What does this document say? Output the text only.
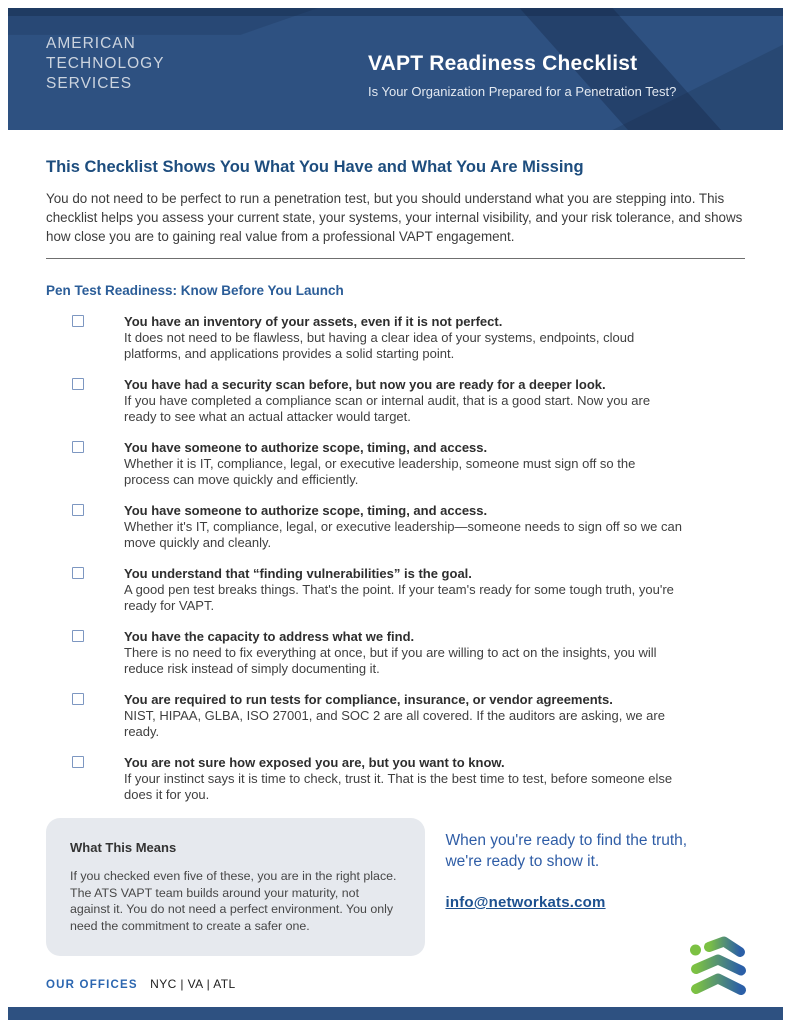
AMERICAN
TECHNOLOGY
SERVICES
VAPT Readiness Checklist
Is Your Organization Prepared for a Penetration Test?
This Checklist Shows You What You Have and What You Are Missing
You do not need to be perfect to run a penetration test, but you should understand what you are stepping into. This checklist helps you assess your current state, your systems, your internal visibility, and your risk tolerance, and shows how close you are to gaining real value from a professional VAPT engagement.
Pen Test Readiness: Know Before You Launch
You have an inventory of your assets, even if it is not perfect.
It does not need to be flawless, but having a clear idea of your systems, endpoints, cloud platforms, and applications provides a solid starting point.
You have had a security scan before, but now you are ready for a deeper look.
If you have completed a compliance scan or internal audit, that is a good start. Now you are ready to see what an actual attacker would target.
You have someone to authorize scope, timing, and access.
Whether it is IT, compliance, legal, or executive leadership, someone must sign off so the process can move quickly and efficiently.
You have someone to authorize scope, timing, and access.
Whether it's IT, compliance, legal, or executive leadership—someone needs to sign off so we can move quickly and cleanly.
You understand that “finding vulnerabilities” is the goal.
A good pen test breaks things. That's the point. If your team's ready for some tough truth, you're ready for VAPT.
You have the capacity to address what we find.
There is no need to fix everything at once, but if you are willing to act on the insights, you will reduce risk instead of simply documenting it.
You are required to run tests for compliance, insurance, or vendor agreements.
NIST, HIPAA, GLBA, ISO 27001, and SOC 2 are all covered. If the auditors are asking, we are ready.
You are not sure how exposed you are, but you want to know.
If your instinct says it is time to check, trust it. That is the best time to test, before someone else does it for you.
What This Means
If you checked even five of these, you are in the right place. The ATS VAPT team builds around your maturity, not against it. You do not need a perfect environment. You only need the commitment to create a safer one.
When you're ready to find the truth,
we're ready to show it.
info@networkats.com
OUR OFFICES NYC | VA | ATL
